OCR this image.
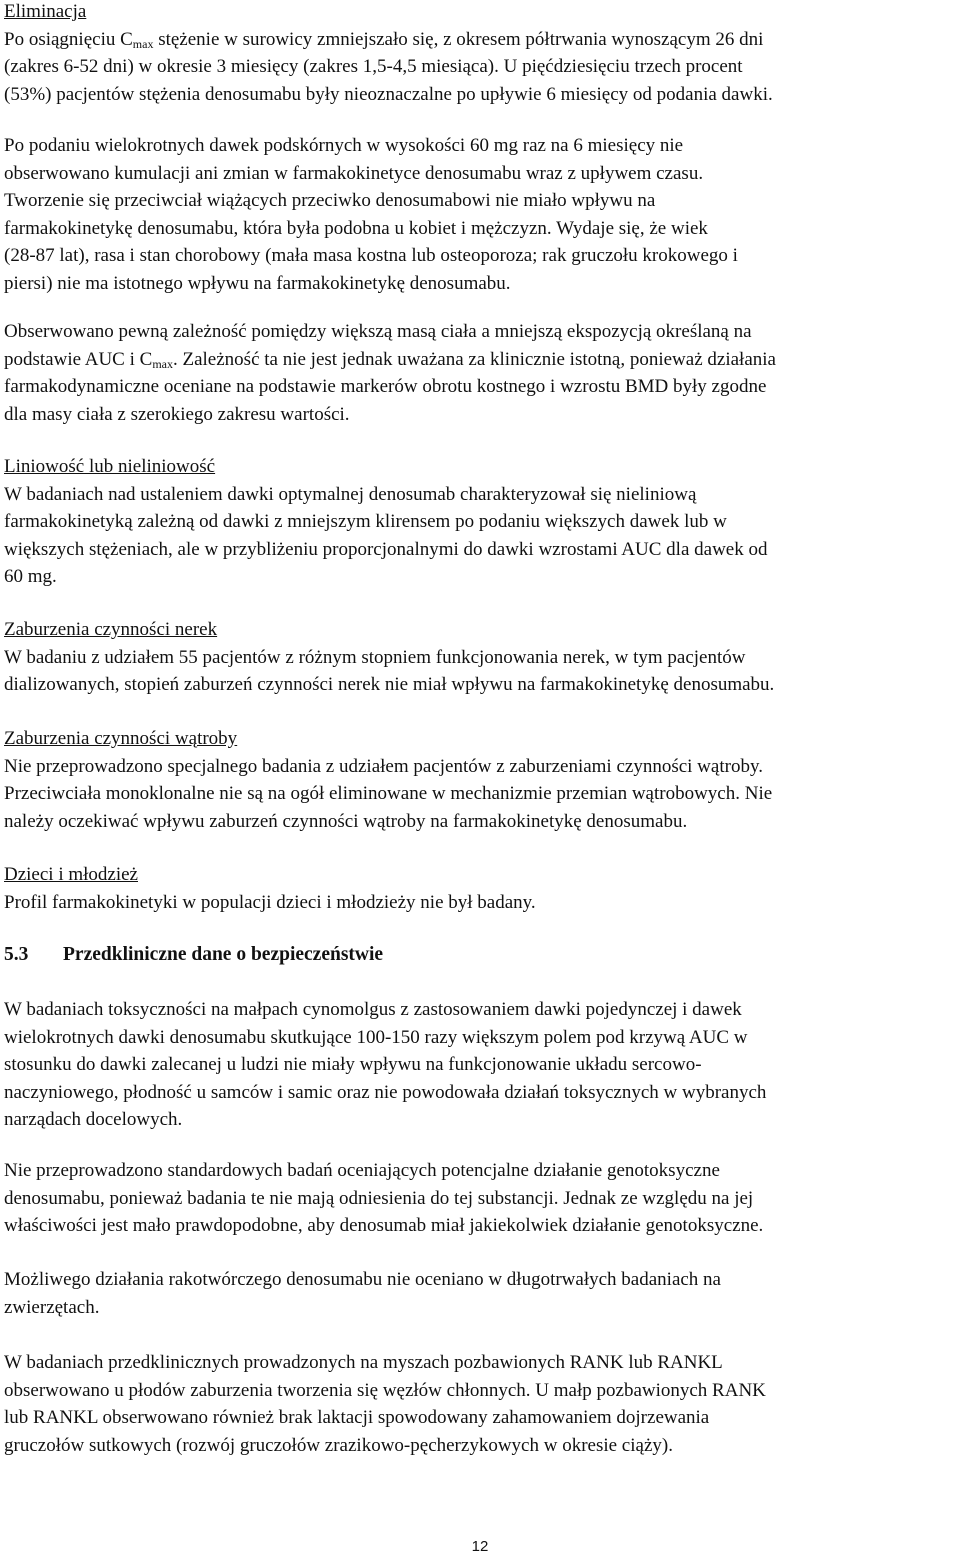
Eliminacja
Po osiągnięciu $C_{max}$ stężenie w surowicy zmniejszało się, z okresem półtrwania wynoszącym 26 dni
(zakres 6-52 dni) w okresie 3 miesięcy (zakres 1,5-4,5 miesiąca). U pięćdziesięciu trzech procent
(53%) pacjentów stężenia denosumabu były nieoznaczalne po upływie 6 miesięcy od podania dawki.
Po podaniu wielokrotnych dawek podskórnych w wysokości 60 mg raz na 6 miesięcy nie
obserwowano kumulacji ani zmian w farmakokinetyce denosumabu wraz z upływem czasu.
Tworzenie się przeciwciał wiążących przeciwko denosumabowi nie miało wpływu na
farmakokinetykę denosumabu, która była podobna u kobiet i mężczyzn. Wydaje się, że wiek
(28-87 lat), rasa i stan chorobowy (mała masa kostna lub osteoporoza; rak gruczołu krokowego i
piersi) nie ma istotnego wpływu na farmakokinetykę denosumabu.
Obserwowano pewną zależność pomiędzy większą masą ciała a mniejszą ekspozycją określaną na
podstawie AUC i $C_{max}$. Zależność ta nie jest jednak uważana za klinicznie istotną, ponieważ działania
farmakodynamiczne oceniane na podstawie markerów obrotu kostnego i wzrostu BMD były zgodne
dla masy ciała z szerokiego zakresu wartości.
Liniowość lub nieliniowość
W badaniach nad ustaleniem dawki optymalnej denosumab charakteryzował się nieliniową
farmakokinetyką zależną od dawki z mniejszym klirensem po podaniu większych dawek lub w
większych stężeniach, ale w przybliżeniu proporcjonalnymi do dawki wzrostami AUC dla dawek od
60 mg.
Zaburzenia czynności nerek
W badaniu z udziałem 55 pacjentów z różnym stopniem funkcjonowania nerek, w tym pacjentów
dializowanych, stopień zaburzeń czynności nerek nie miał wpływu na farmakokinetykę denosumabu.
Zaburzenia czynności wątroby
Nie przeprowadzono specjalnego badania z udziałem pacjentów z zaburzeniami czynności wątroby.
Przeciwciała monoklonalne nie są na ogół eliminowane w mechanizmie przemian wątrobowych. Nie
należy oczekiwać wpływu zaburzeń czynności wątroby na farmakokinetykę denosumabu.
Dzieci i młodzież
Profil farmakokinetyki w populacji dzieci i młodzieży nie był badany.
5.3 Przedkliniczne dane o bezpieczeństwie
W badaniach toksyczności na małpach cynomolgus z zastosowaniem dawki pojedynczej i dawek
wielokrotnych dawki denosumabu skutkujące 100-150 razy większym polem pod krzywą AUC w
stosunku do dawki zalecanej u ludzi nie miały wpływu na funkcjonowanie układu sercowo-
naczyniowego, płodność u samców i samic oraz nie powodowała działań toksycznych w wybranych
narządach docelowych.
Nie przeprowadzono standardowych badań oceniających potencjalne działanie genotoksyczne
denosumabu, ponieważ badania te nie mają odniesienia do tej substancji. Jednak ze względu na jej
właściwości jest mało prawdopodobne, aby denosumab miał jakiekolwiek działanie genotoksyczne.
Możliwego działania rakotwórczego denosumabu nie oceniano w długotrwałych badaniach na
zwierzętach.
W badaniach przedklinicznych prowadzonych na myszach pozbawionych RANK lub RANKL
obserwowano u płodów zaburzenia tworzenia się węzłów chłonnych. U małp pozbawionych RANK
lub RANKL obserwowano również brak laktacji spowodowany zahamowaniem dojrzewania
gruczołów sutkowych (rozwój gruczołów zrazikowo-pęcherzykowych w okresie ciąży).
12
